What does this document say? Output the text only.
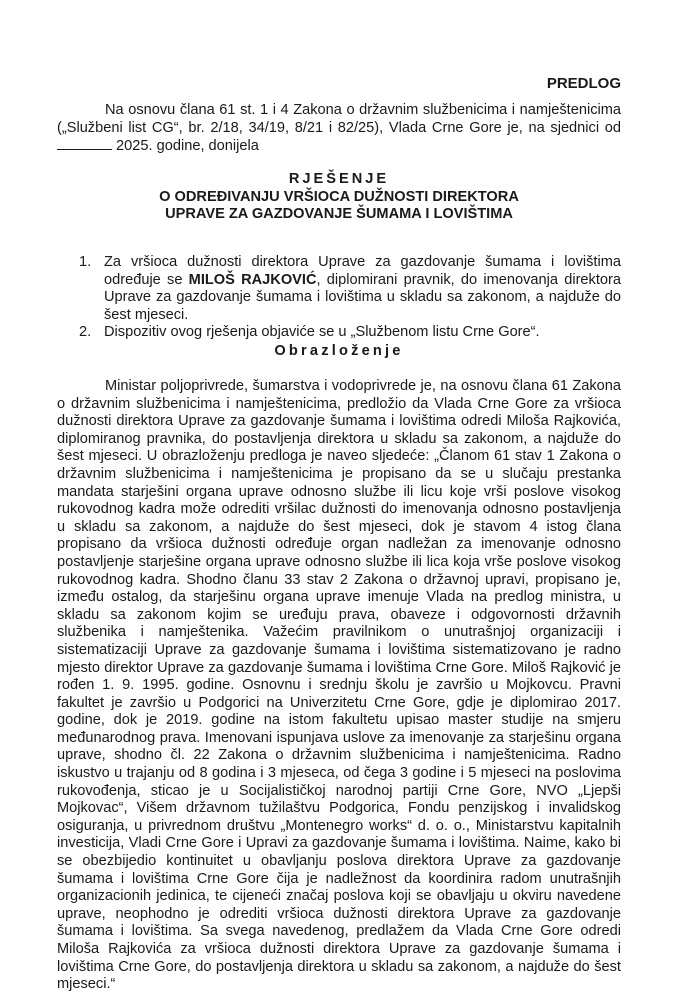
PREDLOG

Na osnovu člana 61 st. 1 i 4 Zakona o državnim službenicima i namještenicima („Službeni list CG“, br. 2/18, 34/19, 8/21 i 82/25), Vlada Crne Gore je, na sjednici od  2025. godine, donijela

RJEŠENJE
O ODREĐIVANJU VRŠIOCA DUŽNOSTI DIREKTORA
UPRAVE ZA GAZDOVANJE ŠUMAMA I LOVIŠTIMA
1. Za vršioca dužnosti direktora Uprave za gazdovanje šumama i lovištima određuje se MILOŠ RAJKOVIĆ, diplomirani pravnik, do imenovanja direktora Uprave za gazdovanje šumama i lovištima u skladu sa zakonom, a najduže do šest mjeseci.
2. Dispozitiv ovog rješenja objaviće se u „Službenom listu Crne Gore“.
Obrazloženje

Ministar poljoprivrede, šumarstva i vodoprivrede je, na osnovu člana 61 Zakona o državnim službenicima i namještenicima, predložio da Vlada Crne Gore za vršioca dužnosti direktora Uprave za gazdovanje šumama i lovištima odredi Miloša Rajkovića, diplomiranog pravnika, do postavljenja direktora u skladu sa zakonom, a najduže do šest mjeseci. U obrazloženju predloga je naveo sljedeće: „Članom 61 stav 1 Zakona o državnim službenicima i namještenicima je propisano da se u slučaju prestanka mandata starješini organa uprave odnosno službe ili licu koje vrši poslove visokog rukovodnog kadra može odrediti vršilac dužnosti do imenovanja odnosno postavljenja u skladu sa zakonom, a najduže do šest mjeseci, dok je stavom 4 istog člana propisano da vršioca dužnosti određuje organ nadležan za imenovanje odnosno postavljenje starješine organa uprave odnosno službe ili lica koja vrše poslove visokog rukovodnog kadra. Shodno članu 33 stav 2 Zakona o državnoj upravi, propisano je, između ostalog, da starješinu organa uprave imenuje Vlada na predlog ministra, u skladu sa zakonom kojim se uređuju prava, obaveze i odgovornosti državnih službenika i namještenika. Važećim pravilnikom o unutrašnjoj organizaciji i sistematizaciji Uprave za gazdovanje šumama i lovištima sistematizovano je radno mjesto direktor Uprave za gazdovanje šumama i lovištima Crne Gore. Miloš Rajković je rođen 1. 9. 1995. godine. Osnovnu i srednju školu je završio u Mojkovcu. Pravni fakultet je završio u Podgorici na Univerzitetu Crne Gore, gdje je diplomirao 2017. godine, dok je 2019. godine na istom fakultetu upisao master studije na smjeru međunarodnog prava. Imenovani ispunjava uslove za imenovanje za starješinu organa uprave, shodno čl. 22 Zakona o državnim službenicima i namještenicima. Radno iskustvo u trajanju od 8 godina i 3 mjeseca, od čega 3 godine i 5 mjeseci na poslovima rukovođenja, sticao je u Socijalističkoj narodnoj partiji Crne Gore, NVO „Ljepši Mojkovac“, Višem državnom tužilaštvu Podgorica, Fondu penzijskog i invalidskog osiguranja, u privrednom društvu „Montenegro works“ d. o. o., Ministarstvu kapitalnih investicija, Vladi Crne Gore i Upravi za gazdovanje šumama i lovištima. Naime, kako bi se obezbijedio kontinuitet u obavljanju poslova direktora Uprave za gazdovanje šumama i lovištima Crne Gore čija je nadležnost da koordinira radom unutrašnjih organizacionih jedinica, te cijeneći značaj poslova koji se obavljaju u okviru navedene uprave, neophodno je odrediti vršioca dužnosti direktora Uprave za gazdovanje šumama i lovištima. Sa svega navedenog, predlažem da Vlada Crne Gore odredi Miloša Rajkovića za vršioca dužnosti direktora Uprave za gazdovanje šumama i lovištima Crne Gore, do postavljenja direktora u skladu sa zakonom, a najduže do šest mjeseci.“
